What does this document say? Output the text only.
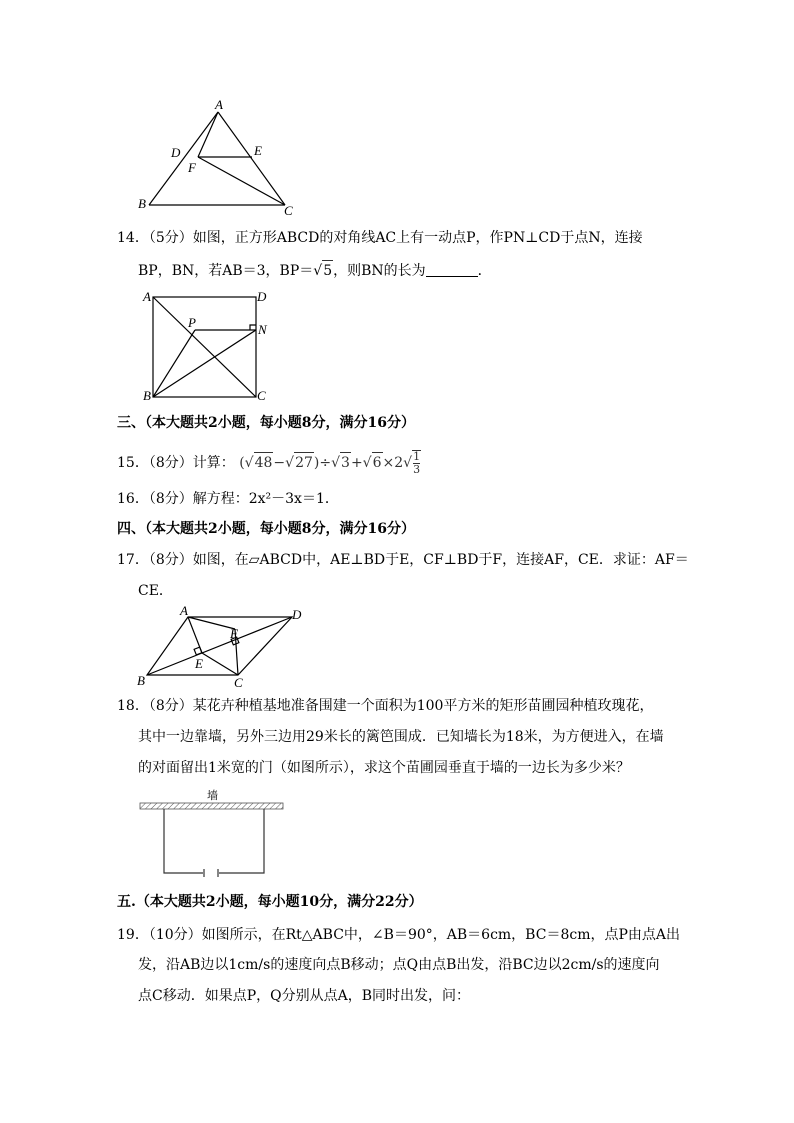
A
B	C
D	E
F
14．（5分）如图，正方形ABCD的对角线AC上有一动点P，作PN⊥CD于点N，连接
BP，BN，若AB＝3，BP＝√5，则BN的长为	．
A	D
B	C
P	N
三、（本大题共2小题，每小题8分，满分16分）
15．（8分）计算： $(√48-√27)\div√3+√6\times 2√ \frac{1}{3}$
16．（8分）解方程：2x²－3x＝1．
四、（本大题共2小题，每小题8分，满分16分）
17．（8分）如图，在▱ABCD中，AE⊥BD于E，CF⊥BD于F，连接AF，CE．求证：AF＝
CE．
A	D
B	C
E
F
18．（8分）某花卉种植基地准备围建一个面积为100平方米的矩形苗圃园种植玫瑰花，
其中一边靠墙，另外三边用29米长的篱笆围成．已知墙长为18米，为方便进入，在墙
的对面留出1米宽的门（如图所示），求这个苗圃园垂直于墙的一边长为多少米？
墙
五.（本大题共2小题，每小题10分，满分22分）
19．（10分）如图所示，在Rt△ABC中，∠B＝90°，AB＝6cm，BC＝8cm，点P由点A出
发，沿AB边以1cm/s的速度向点B移动；点Q由点B出发，沿BC边以2cm/s的速度向
点C移动．如果点P，Q分别从点A，B同时出发，问：
